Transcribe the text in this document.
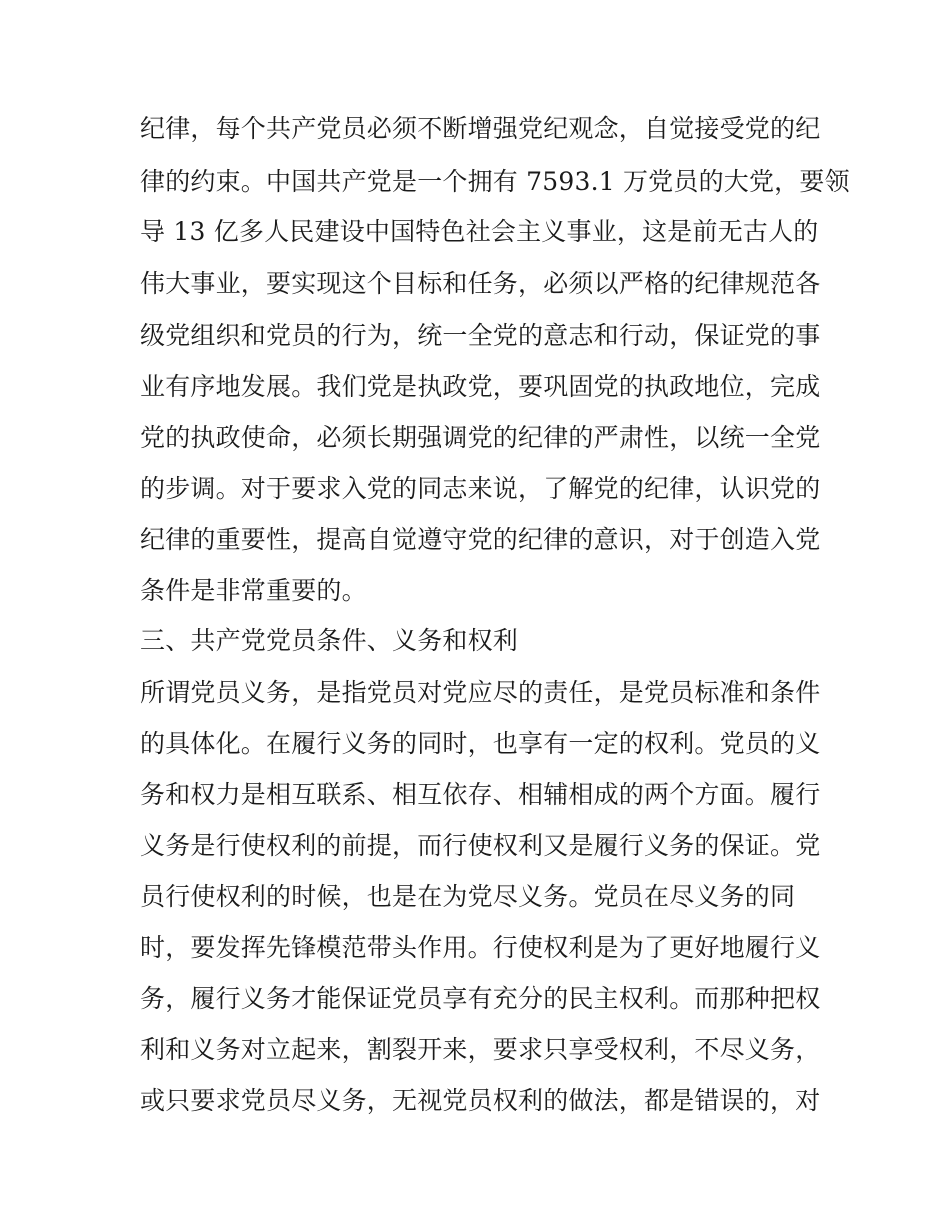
纪律，每个共产党员必须不断增强党纪观念，自觉接受党的纪
律的约束。中国共产党是一个拥有 7593.1 万党员的大党，要领
导 13 亿多人民建设中国特色社会主义事业，这是前无古人的
伟大事业，要实现这个目标和任务，必须以严格的纪律规范各
级党组织和党员的行为，统一全党的意志和行动，保证党的事
业有序地发展。我们党是执政党，要巩固党的执政地位，完成
党的执政使命，必须长期强调党的纪律的严肃性，以统一全党
的步调。对于要求入党的同志来说，了解党的纪律，认识党的
纪律的重要性，提高自觉遵守党的纪律的意识，对于创造入党
条件是非常重要的。
三、共产党党员条件、义务和权利
所谓党员义务，是指党员对党应尽的责任，是党员标准和条件
的具体化。在履行义务的同时，也享有一定的权利。党员的义
务和权力是相互联系、相互依存、相辅相成的两个方面。履行
义务是行使权利的前提，而行使权利又是履行义务的保证。党
员行使权利的时候，也是在为党尽义务。党员在尽义务的同
时，要发挥先锋模范带头作用。行使权利是为了更好地履行义
务，履行义务才能保证党员享有充分的民主权利。而那种把权
利和义务对立起来，割裂开来，要求只享受权利，不尽义务，
或只要求党员尽义务，无视党员权利的做法，都是错误的，对
